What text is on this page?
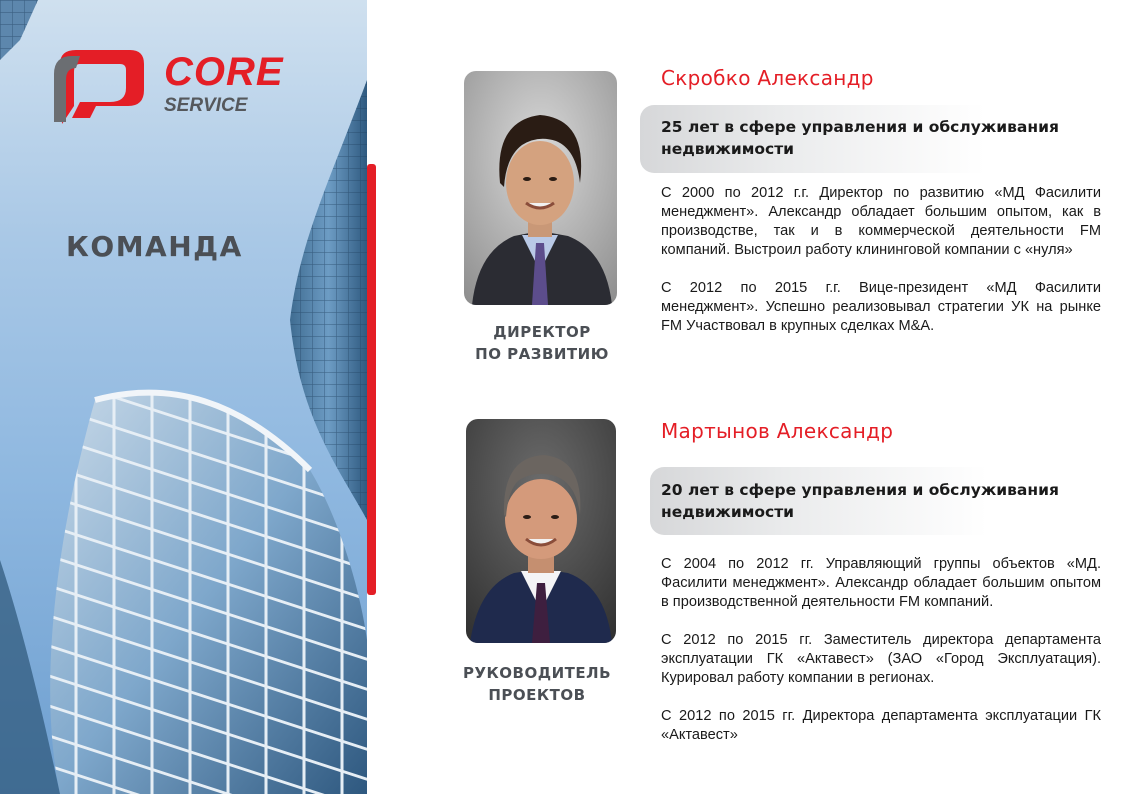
CORE
SERVICE
КОМАНДА
ДИРЕКТОР
ПО РАЗВИТИЮ
Скробко Александр
25 лет в сфере управления и обслуживания
недвижимости

С 2000 по 2012 г.г. Директор по развитию «МД Фасилити менеджмент». Александр обладает большим опытом, как в производстве, так и в коммерческой деятельности FM компаний. Выстроил работу клининговой компании с «нуля»

С 2012 по 2015 г.г. Вице-президент «МД Фасилити менеджмент». Успешно реализовывал стратегии УК на рынке FM Участвовал в крупных сделках M&A.

РУКОВОДИТЕЛЬ
ПРОЕКТОВ
Мартынов Александр
20 лет в сфере управления и обслуживания
недвижимости

С 2004 по 2012 гг. Управляющий группы объектов «МД. Фасилити менеджмент». Александр обладает большим опытом в производственной деятельности FM компаний.

С 2012 по 2015 гг. Заместитель директора департамента эксплуатации ГК «Актавест» (ЗАО «Город Эксплуатация). Курировал работу компании в регионах.

С 2012 по 2015 гг. Директора департамента эксплуатации ГК «Актавест»
